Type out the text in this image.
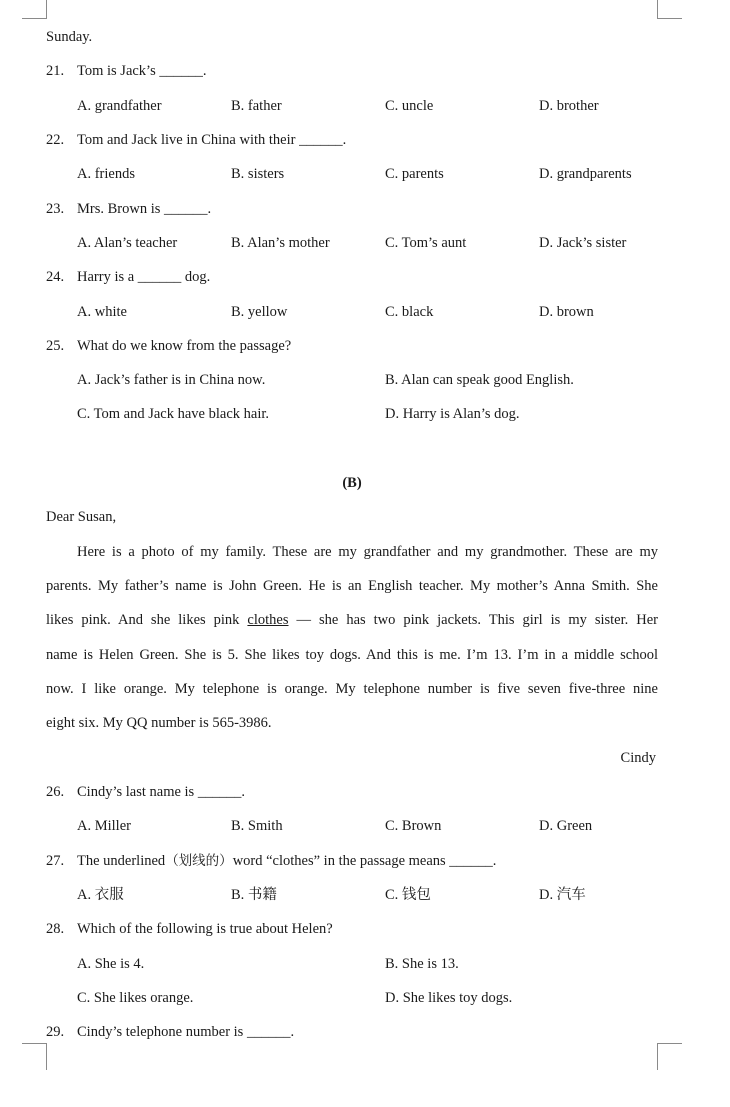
Sunday.
21. Tom is Jack’s ______.
A. grandfather	B. father	C. uncle	D. brother
22. Tom and Jack live in China with their ______.
A. friends	B. sisters	C. parents	D. grandparents
23. Mrs. Brown is ______.
A. Alan’s teacher	B. Alan’s mother	C. Tom’s aunt	D. Jack’s sister
24. Harry is a ______ dog.
A. white	B. yellow	C. black	D. brown
25. What do we know from the passage?
A. Jack’s father is in China now.	B. Alan can speak good English.
C. Tom and Jack have black hair.	D. Harry is Alan’s dog.
(B)
Dear Susan,
Here is a photo of my family. These are my grandfather and my grandmother. These are my
parents. My father’s name is John Green. He is an English teacher. My mother’s Anna Smith. She
likes pink. And she likes pink clothes — she has two pink jackets. This girl is my sister. Her
name is Helen Green. She is 5. She likes toy dogs. And this is me. I’m 13. I’m in a middle school
now. I like orange. My telephone is orange. My telephone number is five seven five-three nine
eight six. My QQ number is 565-3986.
Cindy
26. Cindy’s last name is ______.
A. Miller	B. Smith	C. Brown	D. Green
27. The underlined（划线的）word “clothes” in the passage means ______.
A. 衣服	B. 书籍	C. 钱包	D. 汽车
28. Which of the following is true about Helen?
A. She is 4.	B. She is 13.
C. She likes orange.	D. She likes toy dogs.
29. Cindy’s telephone number is ______.
